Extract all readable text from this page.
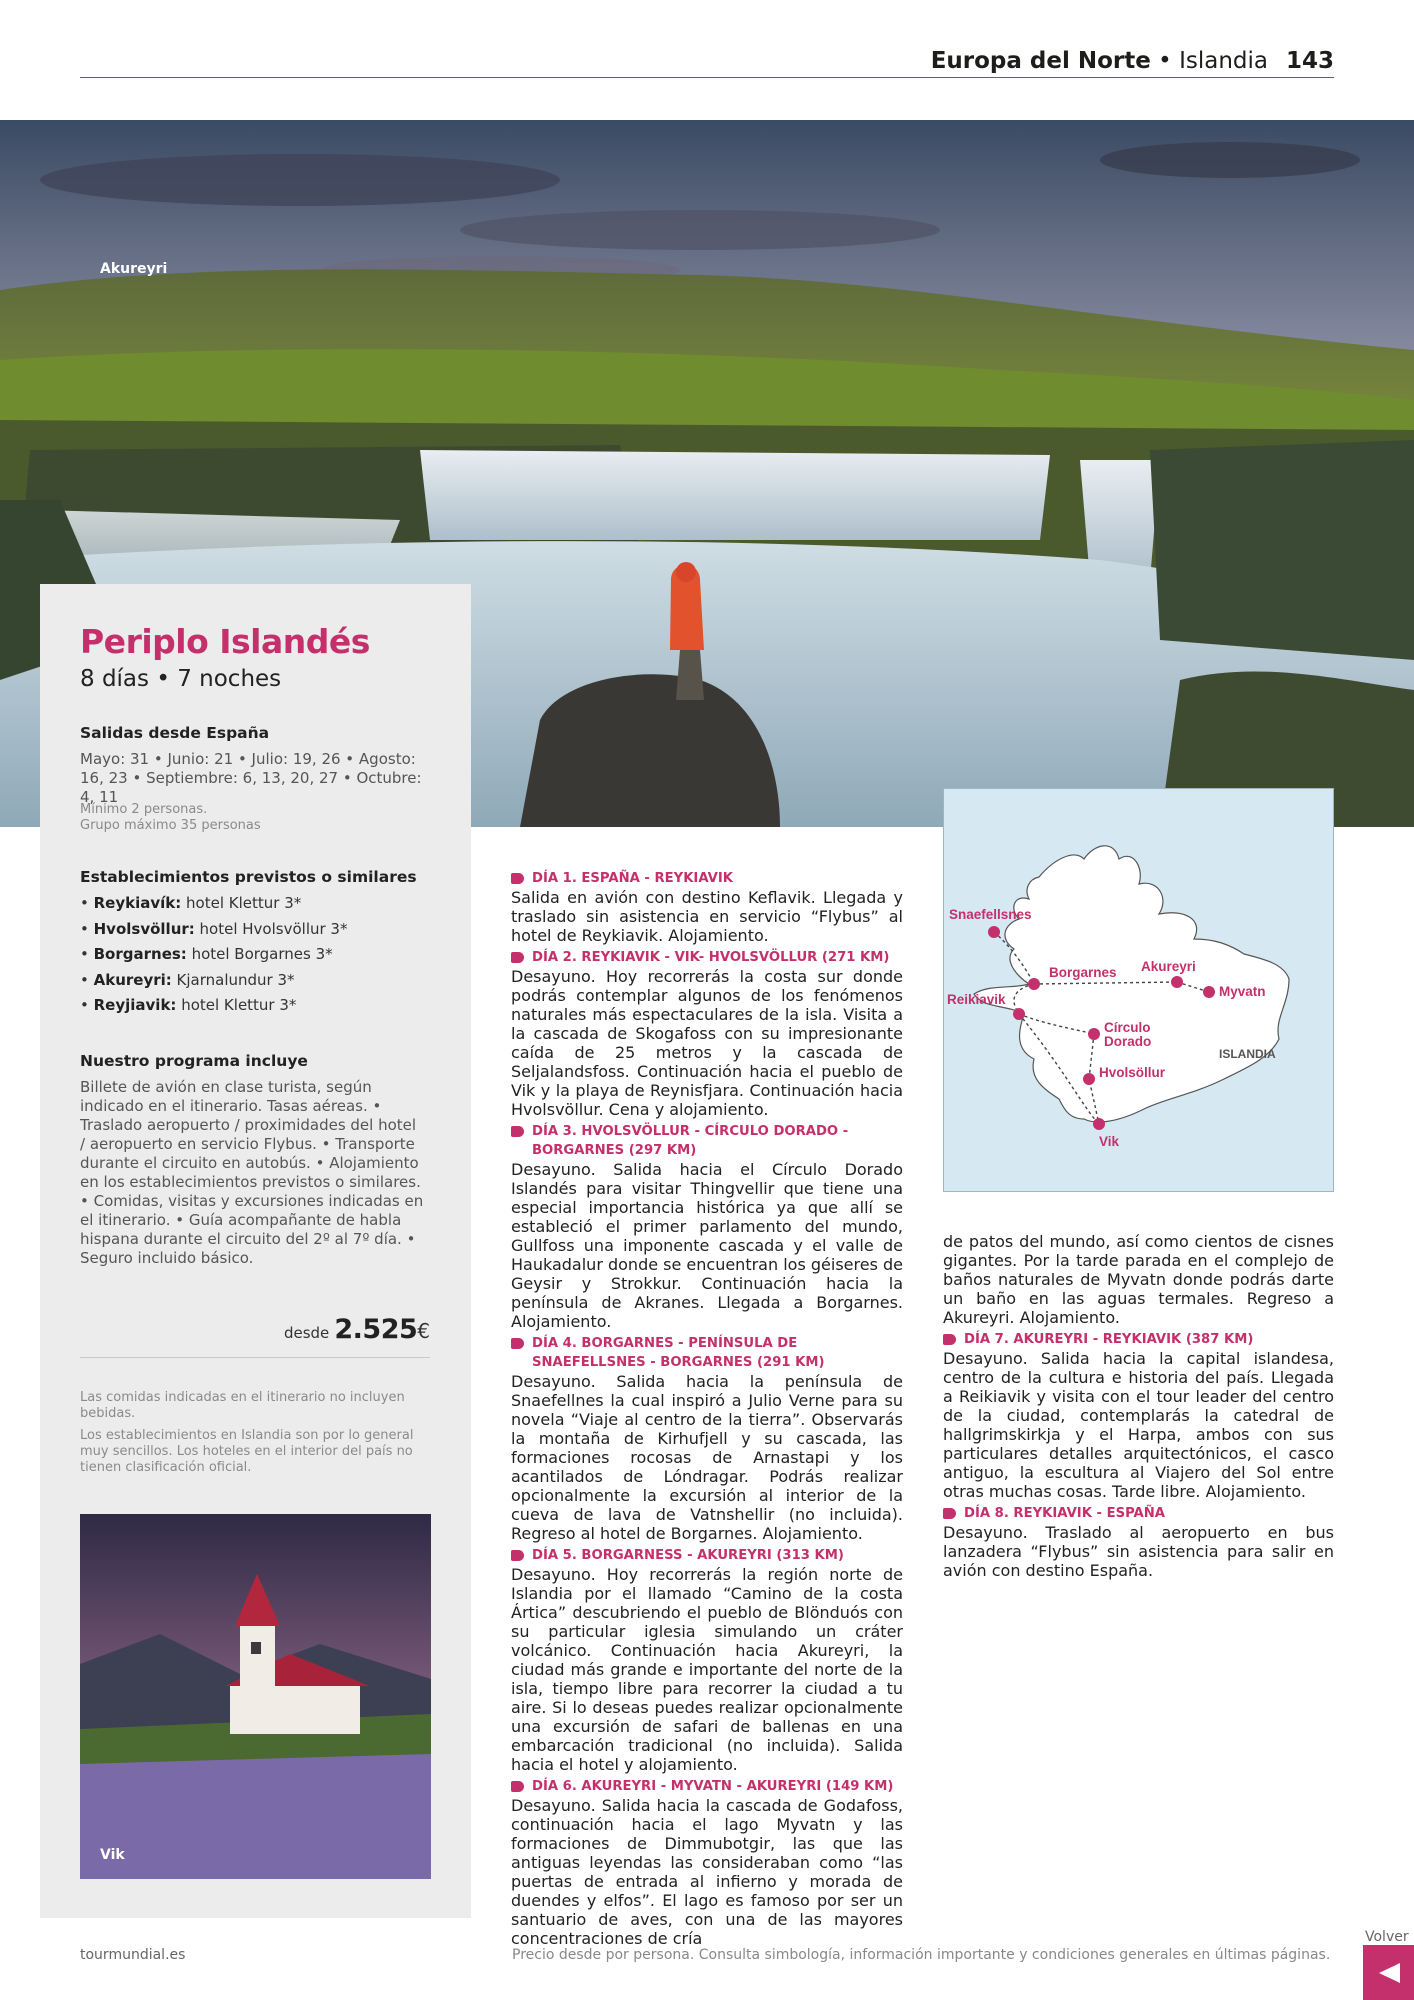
Europa del Norte • Islandia 143
Akureyri
Periplo Islandés
8 días • 7 noches
Salidas desde España
Mayo: 31 • Junio: 21 • Julio: 19, 26 • Agosto: 16, 23 • Septiembre: 6, 13, 20, 27 • Octubre: 4, 11
Mínimo 2 personas.
Grupo máximo 35 personas
Establecimientos previstos o similares
• Reykiavík: hotel Klettur 3*
• Hvolsvöllur: hotel Hvolsvöllur 3*
• Borgarnes: hotel Borgarnes 3*
• Akureyri: Kjarnalundur 3*
• Reyjiavik: hotel Klettur 3*
Nuestro programa incluye
Billete de avión en clase turista, según indicado en el itinerario. Tasas aéreas. • Traslado aeropuerto / proximidades del hotel / aeropuerto en servicio Flybus. • Transporte durante el circuito en autobús. • Alojamiento en los establecimientos previstos o similares. • Comidas, visitas y excursiones indicadas en el itinerario. • Guía acompañante de habla hispana durante el circuito del 2º al 7º día. • Seguro incluido básico.
desde 2.525€
Las comidas indicadas en el itinerario no incluyen bebidas.
Los establecimientos en Islandia son por lo general muy sencillos. Los hoteles en el interior del país no tienen clasificación oficial.
Vik
DÍA 1. ESPAÑA - REYKIAVIK
Salida en avión con destino Keflavik. Llegada y traslado sin asistencia en servicio “Flybus” al hotel de Reykiavik. Alojamiento.
DÍA 2. REYKIAVIK - VIK- HVOLSVÖLLUR (271 KM)
Desayuno. Hoy recorrerás la costa sur donde podrás contemplar algunos de los fenómenos naturales más espectaculares de la isla. Visita a la cascada de Skogafoss con su impresionante caída de 25 metros y la cascada de Seljalandsfoss. Continuación hacia el pueblo de Vik y la playa de Reynisfjara. Continuación hacia Hvolsvöllur. Cena y alojamiento.
DÍA 3. HVOLSVÖLLUR - CÍRCULO DORADO - BORGARNES (297 KM)
Desayuno. Salida hacia el Círculo Dorado Islandés para visitar Thingvellir que tiene una especial importancia histórica ya que allí se estableció el primer parlamento del mundo, Gullfoss una imponente cascada y el valle de Haukadalur donde se encuentran los géiseres de Geysir y Strokkur. Continuación hacia la península de Akranes. Llegada a Borgarnes. Alojamiento.
DÍA 4. BORGARNES - PENÍNSULA DE SNAEFELLSNES - BORGARNES (291 KM)
Desayuno. Salida hacia la península de Snaefellnes la cual inspiró a Julio Verne para su novela “Viaje al centro de la tierra”. Observarás la montaña de Kirhufjell y su cascada, las formaciones rocosas de Arnastapi y los acantilados de Lóndragar. Podrás realizar opcionalmente la excursión al interior de la cueva de lava de Vatnshellir (no incluida). Regreso al hotel de Borgarnes. Alojamiento.
DÍA 5. BORGARNESS - AKUREYRI (313 KM)
Desayuno. Hoy recorrerás la región norte de Islandia por el llamado “Camino de la costa Ártica” descubriendo el pueblo de Blönduós con su particular iglesia simulando un cráter volcánico. Continuación hacia Akureyri, la ciudad más grande e importante del norte de la isla, tiempo libre para recorrer la ciudad a tu aire. Si lo deseas puedes realizar opcionalmente una excursión de safari de ballenas en una embarcación tradicional (no incluida). Salida hacia el hotel y alojamiento.
DÍA 6. AKUREYRI - MYVATN - AKUREYRI (149 KM)
Desayuno. Salida hacia la cascada de Godafoss, continuación hacia el lago Myvatn y las formaciones de Dimmubotgir, las que las antiguas leyendas las consideraban como “las puertas de entrada al infierno y morada de duendes y elfos”. El lago es famoso por ser un santuario de aves, con una de las mayores concentraciones de cría
Snaefellsnes
Borgarnes Akureyri
Myvatn
Reikiavik
Círculo
Dorado
Hvolsöllur
Vik
ISLANDIA
de patos del mundo, así como cientos de cisnes gigantes. Por la tarde parada en el complejo de baños naturales de Myvatn donde podrás darte un baño en las aguas termales. Regreso a Akureyri. Alojamiento.
DÍA 7. AKUREYRI - REYKIAVIK (387 KM)
Desayuno. Salida hacia la capital islandesa, centro de la cultura e historia del país. Llegada a Reikiavik y visita con el tour leader del centro de la ciudad, contemplarás la catedral de hallgrimskirkja y el Harpa, ambos con sus particulares detalles arquitectónicos, el casco antiguo, la escultura al Viajero del Sol entre otras muchas cosas. Tarde libre. Alojamiento.
DÍA 8. REYKIAVIK - ESPAÑA
Desayuno. Traslado al aeropuerto en bus lanzadera “Flybus” sin asistencia para salir en avión con destino España.
tourmundial.es	Precio desde por persona. Consulta simbología, información importante y condiciones generales en últimas páginas.
Volver
